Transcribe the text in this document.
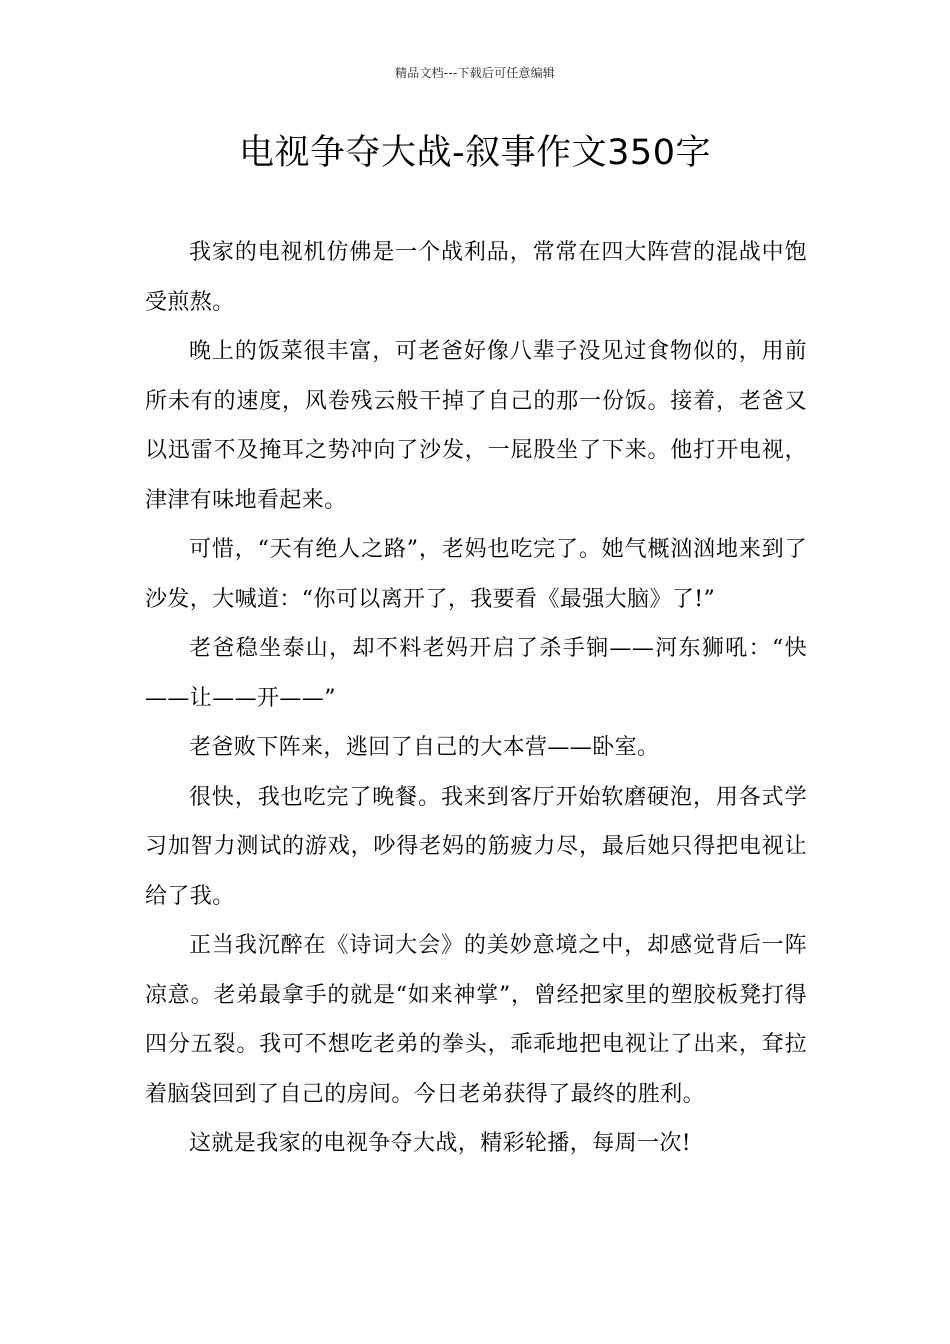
精品文档---下载后可任意编辑
电视争夺大战-叙事作文350字

我家的电视机仿佛是一个战利品，常常在四大阵营的混战中饱受煎熬。

晚上的饭菜很丰富，可老爸好像八辈子没见过食物似的，用前所未有的速度，风卷残云般干掉了自己的那一份饭。接着，老爸又以迅雷不及掩耳之势冲向了沙发，一屁股坐了下来。他打开电视，津津有味地看起来。

可惜，“天有绝人之路”，老妈也吃完了。她气概汹汹地来到了沙发，大喊道：“你可以离开了，我要看《最强大脑》了!”

老爸稳坐泰山，却不料老妈开启了杀手锏——河东狮吼：“快——让——开——”

老爸败下阵来，逃回了自己的大本营——卧室。

很快，我也吃完了晚餐。我来到客厅开始软磨硬泡，用各式学习加智力测试的游戏，吵得老妈的筋疲力尽，最后她只得把电视让给了我。

正当我沉醉在《诗词大会》的美妙意境之中，却感觉背后一阵凉意。老弟最拿手的就是“如来神掌”，曾经把家里的塑胶板凳打得四分五裂。我可不想吃老弟的拳头，乖乖地把电视让了出来，耷拉着脑袋回到了自己的房间。今日老弟获得了最终的胜利。

这就是我家的电视争夺大战，精彩轮播，每周一次!
